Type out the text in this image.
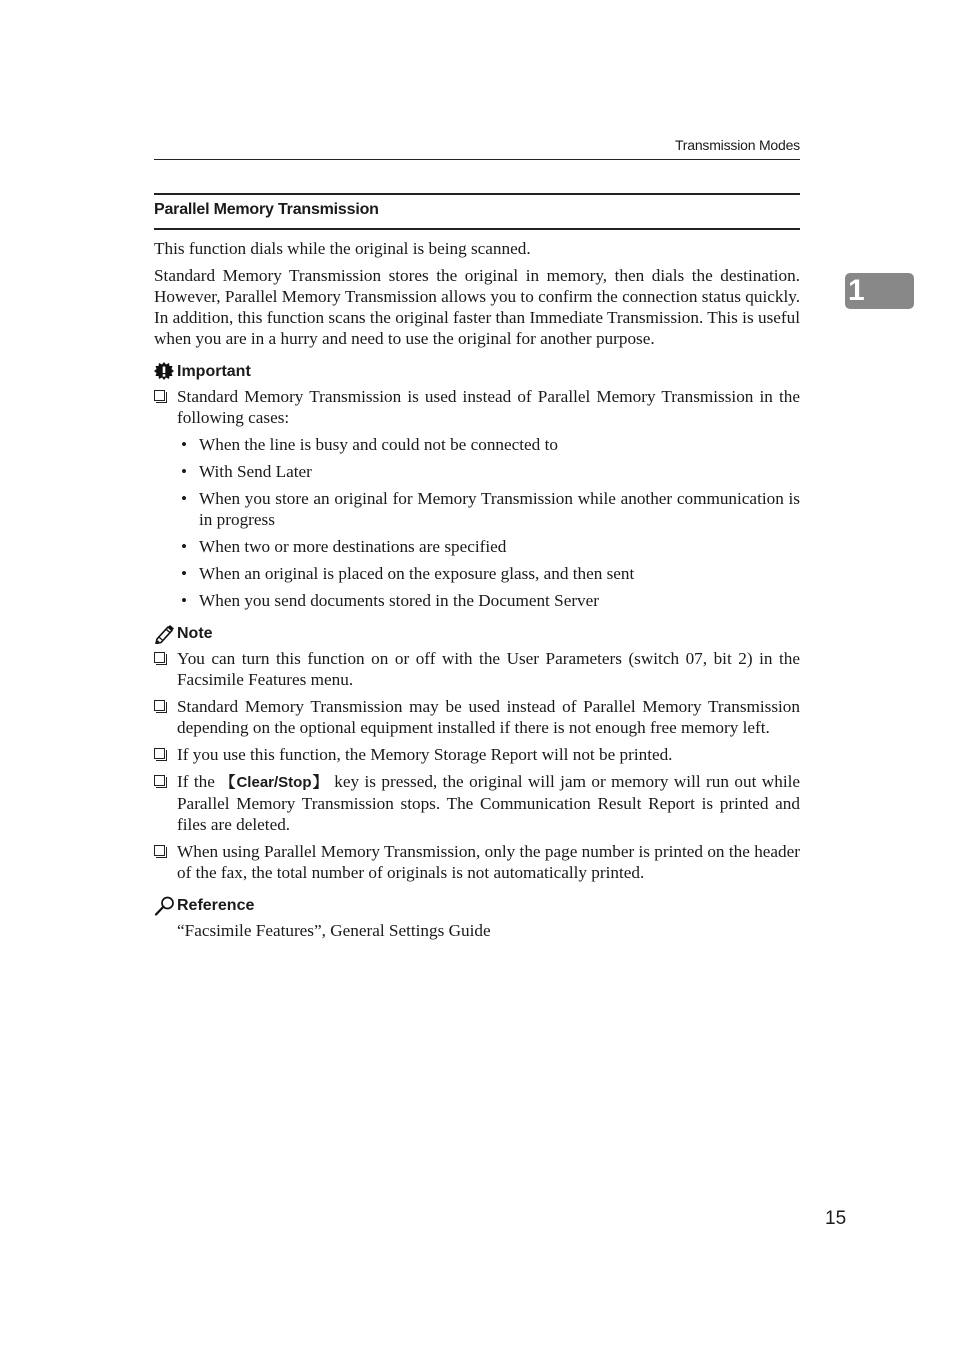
Transmission Modes
Parallel Memory Transmission
1

This function dials while the original is being scanned.

Standard Memory Transmission stores the original in memory, then dials the destination. However, Parallel Memory Transmission allows you to confirm the connection status quickly. In addition, this function scans the original faster than Immediate Transmission. This is useful when you are in a hurry and need to use the original for another purpose.

Important
Standard Memory Transmission is used instead of Parallel Memory Transmission in the following cases:
• When the line is busy and could not be connected to
• With Send Later
• When you store an original for Memory Transmission while another communication is in progress
• When two or more destinations are specified
• When an original is placed on the exposure glass, and then sent
• When you send documents stored in the Document Server
Note
You can turn this function on or off with the User Parameters (switch 07, bit 2) in the Facsimile Features menu.
Standard Memory Transmission may be used instead of Parallel Memory Transmission depending on the optional equipment installed if there is not enough free memory left.
If you use this function, the Memory Storage Report will not be printed.
If the 【Clear/Stop】 key is pressed, the original will jam or memory will run out while Parallel Memory Transmission stops. The Communication Result Report is printed and files are deleted.
When using Parallel Memory Transmission, only the page number is printed on the header of the fax, the total number of originals is not automatically printed.
Reference
“Facsimile Features”, General Settings Guide
15
